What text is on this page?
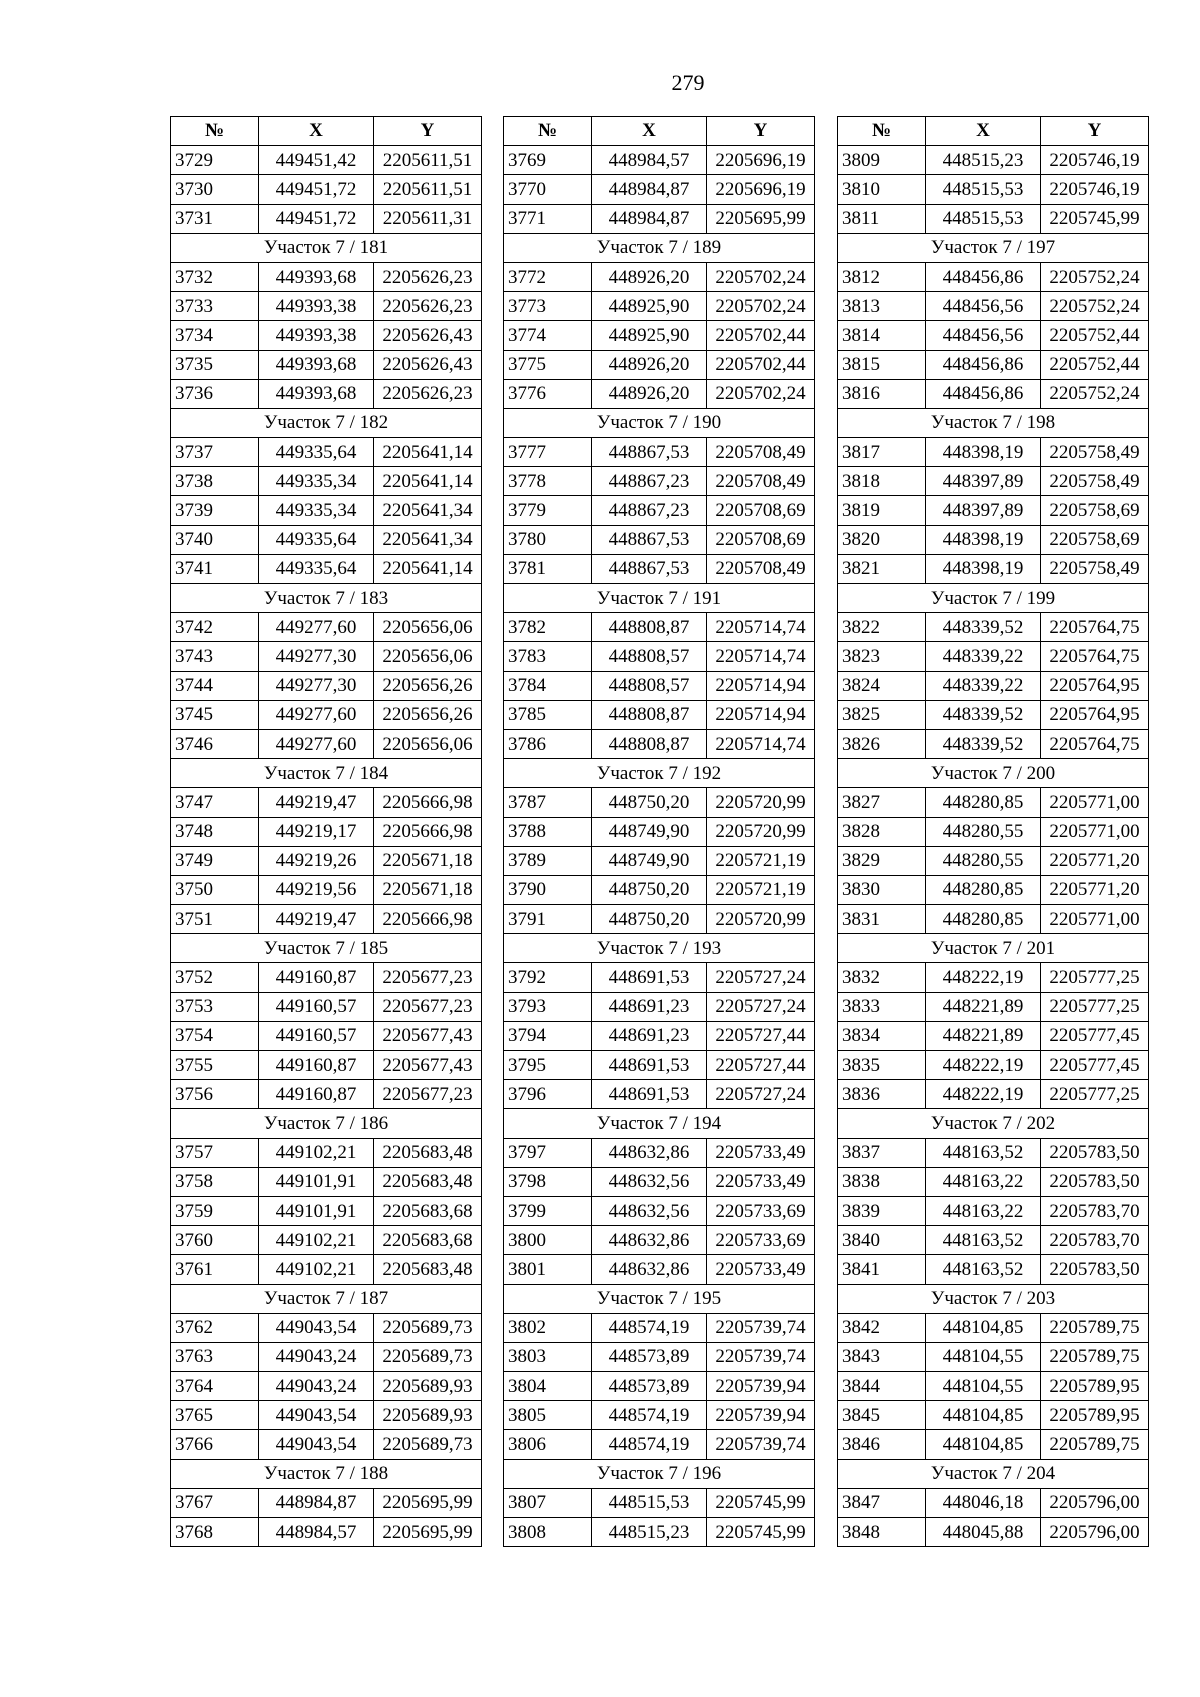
279
№	X	Y
3729	449451,42	2205611,51
3730	449451,72	2205611,51
3731	449451,72	2205611,31
Участок 7 / 181		
3732	449393,68	2205626,23
3733	449393,38	2205626,23
3734	449393,38	2205626,43
3735	449393,68	2205626,43
3736	449393,68	2205626,23
Участок 7 / 182		
3737	449335,64	2205641,14
3738	449335,34	2205641,14
3739	449335,34	2205641,34
3740	449335,64	2205641,34
3741	449335,64	2205641,14
Участок 7 / 183		
3742	449277,60	2205656,06
3743	449277,30	2205656,06
3744	449277,30	2205656,26
3745	449277,60	2205656,26
3746	449277,60	2205656,06
Участок 7 / 184		
3747	449219,47	2205666,98
3748	449219,17	2205666,98
3749	449219,26	2205671,18
3750	449219,56	2205671,18
3751	449219,47	2205666,98
Участок 7 / 185		
3752	449160,87	2205677,23
3753	449160,57	2205677,23
3754	449160,57	2205677,43
3755	449160,87	2205677,43
3756	449160,87	2205677,23
Участок 7 / 186		
3757	449102,21	2205683,48
3758	449101,91	2205683,48
3759	449101,91	2205683,68
3760	449102,21	2205683,68
3761	449102,21	2205683,48
Участок 7 / 187		
3762	449043,54	2205689,73
3763	449043,24	2205689,73
3764	449043,24	2205689,93
3765	449043,54	2205689,93
3766	449043,54	2205689,73
Участок 7 / 188		
3767	448984,87	2205695,99
3768	448984,57	2205695,99
№	X	Y
3769	448984,57	2205696,19
3770	448984,87	2205696,19
3771	448984,87	2205695,99
Участок 7 / 189		
3772	448926,20	2205702,24
3773	448925,90	2205702,24
3774	448925,90	2205702,44
3775	448926,20	2205702,44
3776	448926,20	2205702,24
Участок 7 / 190		
3777	448867,53	2205708,49
3778	448867,23	2205708,49
3779	448867,23	2205708,69
3780	448867,53	2205708,69
3781	448867,53	2205708,49
Участок 7 / 191		
3782	448808,87	2205714,74
3783	448808,57	2205714,74
3784	448808,57	2205714,94
3785	448808,87	2205714,94
3786	448808,87	2205714,74
Участок 7 / 192		
3787	448750,20	2205720,99
3788	448749,90	2205720,99
3789	448749,90	2205721,19
3790	448750,20	2205721,19
3791	448750,20	2205720,99
Участок 7 / 193		
3792	448691,53	2205727,24
3793	448691,23	2205727,24
3794	448691,23	2205727,44
3795	448691,53	2205727,44
3796	448691,53	2205727,24
Участок 7 / 194		
3797	448632,86	2205733,49
3798	448632,56	2205733,49
3799	448632,56	2205733,69
3800	448632,86	2205733,69
3801	448632,86	2205733,49
Участок 7 / 195		
3802	448574,19	2205739,74
3803	448573,89	2205739,74
3804	448573,89	2205739,94
3805	448574,19	2205739,94
3806	448574,19	2205739,74
Участок 7 / 196		
3807	448515,53	2205745,99
3808	448515,23	2205745,99
№	X	Y
3809	448515,23	2205746,19
3810	448515,53	2205746,19
3811	448515,53	2205745,99
Участок 7 / 197		
3812	448456,86	2205752,24
3813	448456,56	2205752,24
3814	448456,56	2205752,44
3815	448456,86	2205752,44
3816	448456,86	2205752,24
Участок 7 / 198		
3817	448398,19	2205758,49
3818	448397,89	2205758,49
3819	448397,89	2205758,69
3820	448398,19	2205758,69
3821	448398,19	2205758,49
Участок 7 / 199		
3822	448339,52	2205764,75
3823	448339,22	2205764,75
3824	448339,22	2205764,95
3825	448339,52	2205764,95
3826	448339,52	2205764,75
Участок 7 / 200		
3827	448280,85	2205771,00
3828	448280,55	2205771,00
3829	448280,55	2205771,20
3830	448280,85	2205771,20
3831	448280,85	2205771,00
Участок 7 / 201		
3832	448222,19	2205777,25
3833	448221,89	2205777,25
3834	448221,89	2205777,45
3835	448222,19	2205777,45
3836	448222,19	2205777,25
Участок 7 / 202		
3837	448163,52	2205783,50
3838	448163,22	2205783,50
3839	448163,22	2205783,70
3840	448163,52	2205783,70
3841	448163,52	2205783,50
Участок 7 / 203		
3842	448104,85	2205789,75
3843	448104,55	2205789,75
3844	448104,55	2205789,95
3845	448104,85	2205789,95
3846	448104,85	2205789,75
Участок 7 / 204		
3847	448046,18	2205796,00
3848	448045,88	2205796,00
